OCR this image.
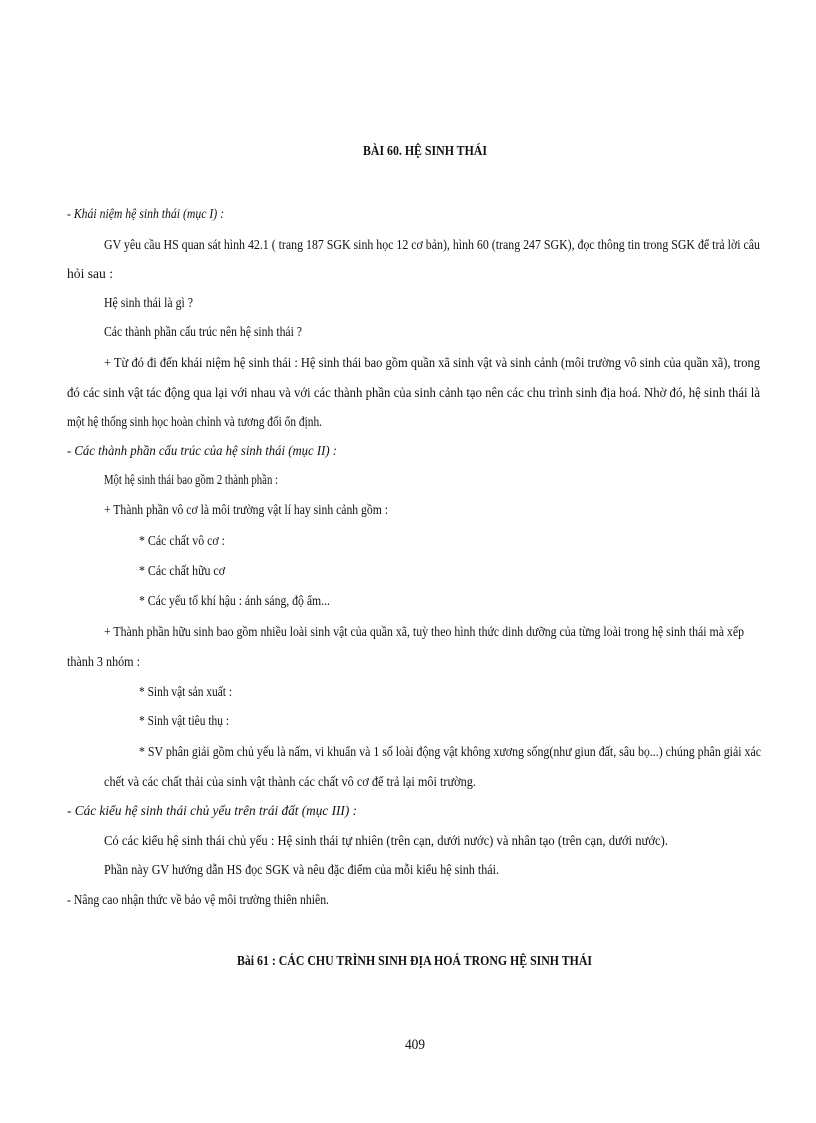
BÀI 60. HỆ SINH THÁI
- Khái niệm hệ sinh thái (mục I) :
GV yêu cầu HS quan sát hình 42.1 ( trang 187 SGK sinh học 12 cơ bản), hình 60 (trang 247 SGK), đọc thông tin trong SGK để trả lời câu
hỏi sau :
Hệ sinh thái là gì ?
Các thành phần cấu trúc nên hệ sinh thái ?
+ Từ đó đi đến khái niệm hệ sinh thái : Hệ sinh thái bao gồm quần xã sinh vật và sinh cảnh (môi trường vô sinh của quần xã), trong
đó các sinh vật tác động qua lại với nhau và với các thành phần của sinh cảnh tạo nên các chu trình sinh địa hoá. Nhờ đó, hệ sinh thái là
một hệ thống sinh học hoàn chỉnh và tương đối ổn định.
- Các thành phần cấu trúc của hệ sinh thái (mục II) :
Một hệ sinh thái bao gồm 2 thành phần :
+ Thành phần vô cơ là môi trường vật lí hay sinh cảnh gồm :
* Các chất vô cơ :
* Các chất hữu cơ
* Các yếu tố khí hậu : ánh sáng, độ ẩm...
+ Thành phần hữu sinh bao gồm nhiều loài sinh vật của quần xã, tuỳ theo hình thức dinh dưỡng của từng loài trong hệ sinh thái mà xếp
thành 3 nhóm :
* Sinh vật sản xuất :
* Sinh vật tiêu thụ :
* SV phân giải gồm chủ yếu là nấm, vi khuẩn và 1 số loài động vật không xương sống(như giun đất, sâu bọ...) chúng phân giải xác
chết và các chất thải của sinh vật thành các chất vô cơ để trả lại môi trường.
- Các kiểu hệ sinh thái chủ yếu trên trái đất (mục III) :
Có các kiểu hệ sinh thái chủ yếu : Hệ sinh thái tự nhiên (trên cạn, dưới nước) và nhân tạo (trên cạn, dưới nước).
Phần này GV hướng dẫn HS đọc SGK và nêu đặc điểm của mỗi kiểu hệ sinh thái.
- Nâng cao nhận thức về bảo vệ môi trường thiên nhiên.
Bài 61 : CÁC CHU TRÌNH SINH ĐỊA HOÁ TRONG HỆ SINH THÁI
409
